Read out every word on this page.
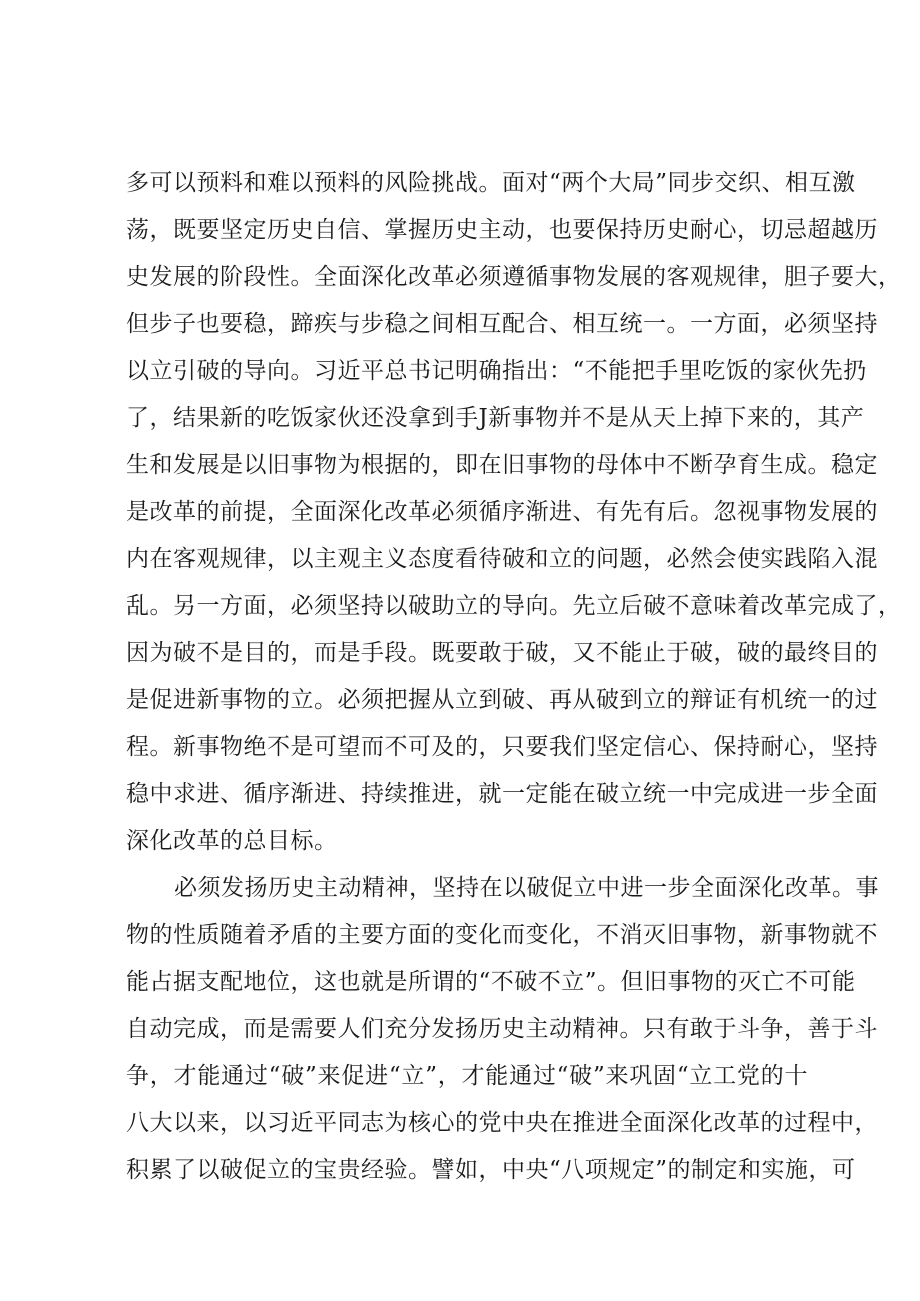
多可以预料和难以预料的风险挑战。面对“两个大局”同步交织、相互激
荡，既要坚定历史自信、掌握历史主动，也要保持历史耐心，切忌超越历
史发展的阶段性。全面深化改革必须遵循事物发展的客观规律，胆子要大，
但步子也要稳，蹄疾与步稳之间相互配合、相互统一。一方面，必须坚持
以立引破的导向。习近平总书记明确指出：“不能把手里吃饭的家伙先扔
了，结果新的吃饭家伙还没拿到手J新事物并不是从天上掉下来的，其产
生和发展是以旧事物为根据的，即在旧事物的母体中不断孕育生成。稳定
是改革的前提，全面深化改革必须循序渐进、有先有后。忽视事物发展的
内在客观规律，以主观主义态度看待破和立的问题，必然会使实践陷入混
乱。另一方面，必须坚持以破助立的导向。先立后破不意味着改革完成了，
因为破不是目的，而是手段。既要敢于破，又不能止于破，破的最终目的
是促进新事物的立。必须把握从立到破、再从破到立的辩证有机统一的过
程。新事物绝不是可望而不可及的，只要我们坚定信心、保持耐心，坚持
稳中求进、循序渐进、持续推进，就一定能在破立统一中完成进一步全面
深化改革的总目标。
必须发扬历史主动精神，坚持在以破促立中进一步全面深化改革。事
物的性质随着矛盾的主要方面的变化而变化，不消灭旧事物，新事物就不
能占据支配地位，这也就是所谓的“不破不立”。但旧事物的灭亡不可能
自动完成，而是需要人们充分发扬历史主动精神。只有敢于斗争，善于斗
争，才能通过“破”来促进“立”，才能通过“破”来巩固“立工党的十
八大以来，以习近平同志为核心的党中央在推进全面深化改革的过程中，
积累了以破促立的宝贵经验。譬如，中央“八项规定”的制定和实施，可
